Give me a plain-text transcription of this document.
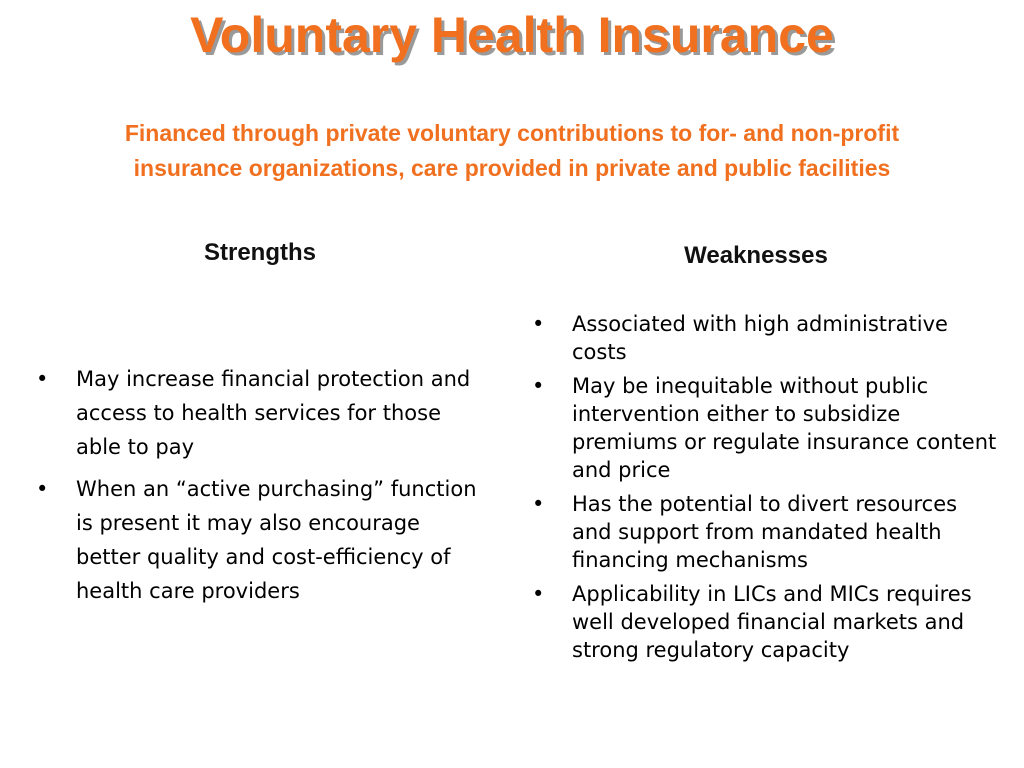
Voluntary Health Insurance

Financed through private voluntary contributions to for- and non-profit insurance organizations, care provided in private and public facilities

Strengths
• May increase financial protection and access to health services for those able to pay
• When an “active purchasing” function is present it may also encourage better quality and cost-efficiency of health care providers
Weaknesses
• Associated with high administrative costs
• May be inequitable without public intervention either to subsidize premiums or regulate insurance content and price
• Has the potential to divert resources and support from mandated health financing mechanisms
• Applicability in LICs and MICs requires well developed financial markets and strong regulatory capacity
